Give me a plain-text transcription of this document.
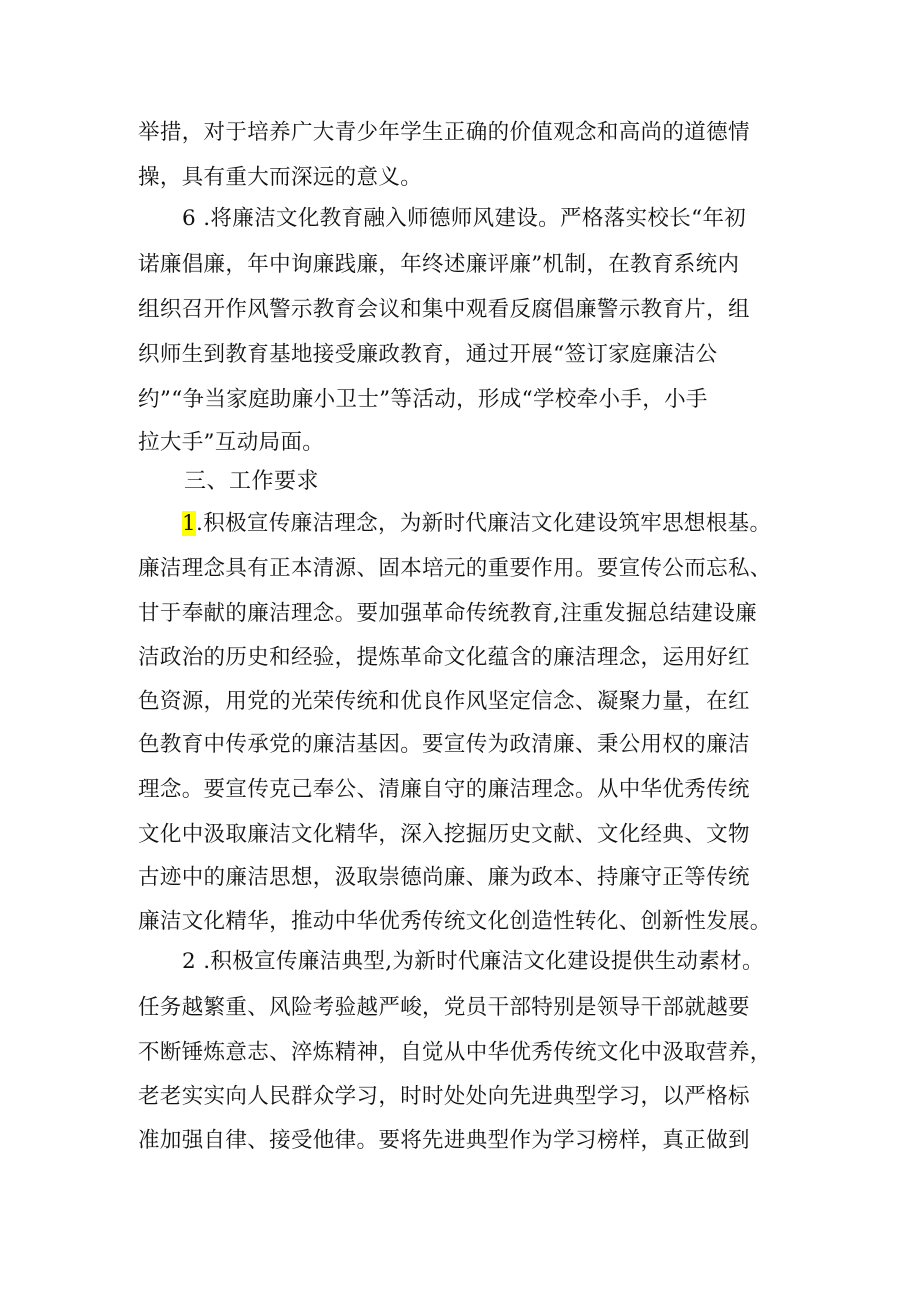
举措，对于培养广大青少年学生正确的价值观念和高尚的道德情
操，具有重大而深远的意义。
6 .将廉洁文化教育融入师德师风建设。严格落实校长“年初
诺廉倡廉，年中询廉践廉，年终述廉评廉”机制，在教育系统内
组织召开作风警示教育会议和集中观看反腐倡廉警示教育片，组
织师生到教育基地接受廉政教育，通过开展“签订家庭廉洁公
约”“争当家庭助廉小卫士”等活动，形成“学校牵小手，小手
拉大手”互动局面。
三、工作要求
1.积极宣传廉洁理念，为新时代廉洁文化建设筑牢思想根基。
廉洁理念具有正本清源、固本培元的重要作用。要宣传公而忘私、
甘于奉献的廉洁理念。要加强革命传统教育,注重发掘总结建设廉
洁政治的历史和经验，提炼革命文化蕴含的廉洁理念，运用好红
色资源，用党的光荣传统和优良作风坚定信念、凝聚力量，在红
色教育中传承党的廉洁基因。要宣传为政清廉、秉公用权的廉洁
理念。要宣传克己奉公、清廉自守的廉洁理念。从中华优秀传统
文化中汲取廉洁文化精华，深入挖掘历史文献、文化经典、文物
古迹中的廉洁思想，汲取崇德尚廉、廉为政本、持廉守正等传统
廉洁文化精华，推动中华优秀传统文化创造性转化、创新性发展。
2 .积极宣传廉洁典型,为新时代廉洁文化建设提供生动素材。
任务越繁重、风险考验越严峻，党员干部特别是领导干部就越要
不断锤炼意志、淬炼精神，自觉从中华优秀传统文化中汲取营养，
老老实实向人民群众学习，时时处处向先进典型学习，以严格标
准加强自律、接受他律。要将先进典型作为学习榜样，真正做到
